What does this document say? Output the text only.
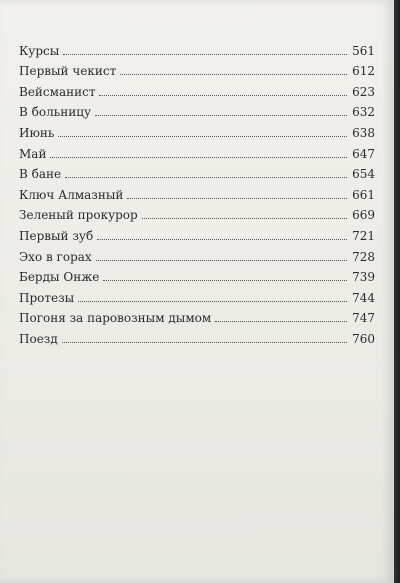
Курсы	561
Первый чекист	612
Вейсманист	623
В больницу	632
Июнь	638
Май	647
В бане	654
Ключ Алмазный	661
Зеленый прокурор	669
Первый зуб	721
Эхо в горах	728
Берды Онже	739
Протезы	744
Погоня за паровозным дымом	747
Поезд	760
